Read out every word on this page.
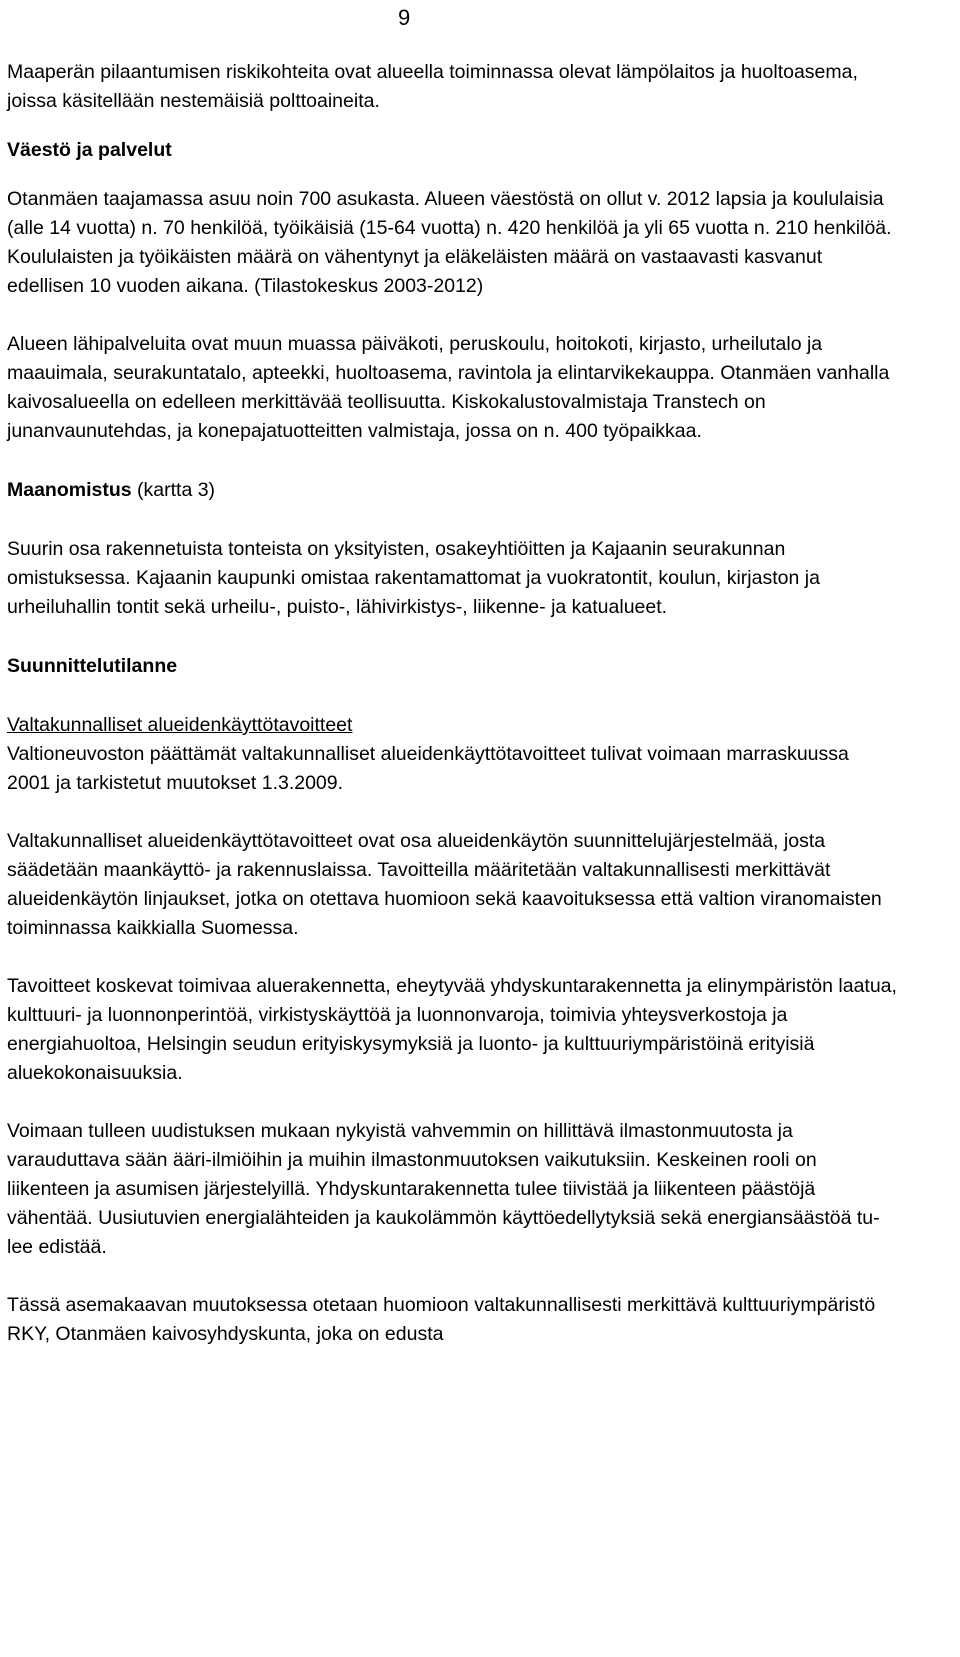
9

Maaperän pilaantumisen riskikohteita ovat alueella toiminnassa olevat lämpölaitos ja huoltoasema, joissa käsitellään nestemäisiä polttoaineita.

Väestö ja palvelut

Otanmäen taajamassa asuu noin 700 asukasta. Alueen väestöstä on ollut v. 2012 lapsia ja koululaisia (alle 14 vuotta) n. 70 henkilöä, työikäisiä (15-64 vuotta) n. 420 henkilöä ja yli 65 vuotta n. 210 henkilöä. Koululaisten ja työikäisten määrä on vähentynyt ja eläkeläisten määrä on vastaavasti kasvanut edellisen 10 vuoden aikana. (Tilastokeskus 2003-2012)

Alueen lähipalveluita ovat muun muassa päiväkoti, peruskoulu, hoitokoti, kirjasto, urheilutalo ja maauimala, seurakuntatalo, apteekki, huoltoasema, ravintola ja elintarvikekauppa. Otanmäen vanhalla kaivosalueella on edelleen merkittävää teollisuutta. Kiskokalustovalmistaja Transtech on junanvaunutehdas, ja konepajatuotteitten valmistaja, jossa on n. 400 työpaikkaa.

Maanomistus (kartta 3)

Suurin osa rakennetuista tonteista on yksityisten, osakeyhtiöitten ja Kajaanin seurakunnan omistuksessa. Kajaanin kaupunki omistaa rakentamattomat ja vuokratontit, koulun, kirjaston ja urheiluhallin tontit sekä urheilu-, puisto-, lähivirkistys-, liikenne- ja katualueet.

Suunnittelutilanne

Valtakunnalliset alueidenkäyttötavoitteet

Valtioneuvoston päättämät valtakunnalliset alueidenkäyttötavoitteet tulivat voimaan marraskuussa 2001 ja tarkistetut muutokset 1.3.2009.

Valtakunnalliset alueidenkäyttötavoitteet ovat osa alueidenkäytön suunnittelujärjestelmää, josta säädetään maankäyttö- ja rakennuslaissa. Tavoitteilla määritetään valtakunnallisesti merkittävät alueidenkäytön linjaukset, jotka on otettava huomioon sekä kaavoituksessa että valtion viranomaisten toiminnassa kaikkialla Suomessa.

Tavoitteet koskevat toimivaa aluerakennetta, eheytyvää yhdyskuntarakennetta ja elinympäristön laatua, kulttuuri- ja luonnonperintöä, virkistyskäyttöä ja luonnonvaroja, toimivia yhteysverkostoja ja energiahuoltoa, Helsingin seudun erityiskysymyksiä ja luonto- ja kulttuuriympäristöinä erityisiä aluekokonaisuuksia.

Voimaan tulleen uudistuksen mukaan nykyistä vahvemmin on hillittävä ilmastonmuutosta ja varauduttava sään ääri-ilmiöihin ja muihin ilmastonmuutoksen vaikutuksiin. Keskeinen rooli on liikenteen ja asumisen järjestelyillä. Yhdyskuntarakennetta tulee tiivistää ja liikenteen päästöjä vähentää. Uusiutuvien energialähteiden ja kaukolämmön käyttöedellytyksiä sekä energiansäästöä tulee edistää.

Tässä asemakaavan muutoksessa otetaan huomioon valtakunnallisesti merkittävä kulttuuriympäristö RKY, Otanmäen kaivosyhdyskunta, joka on edusta
